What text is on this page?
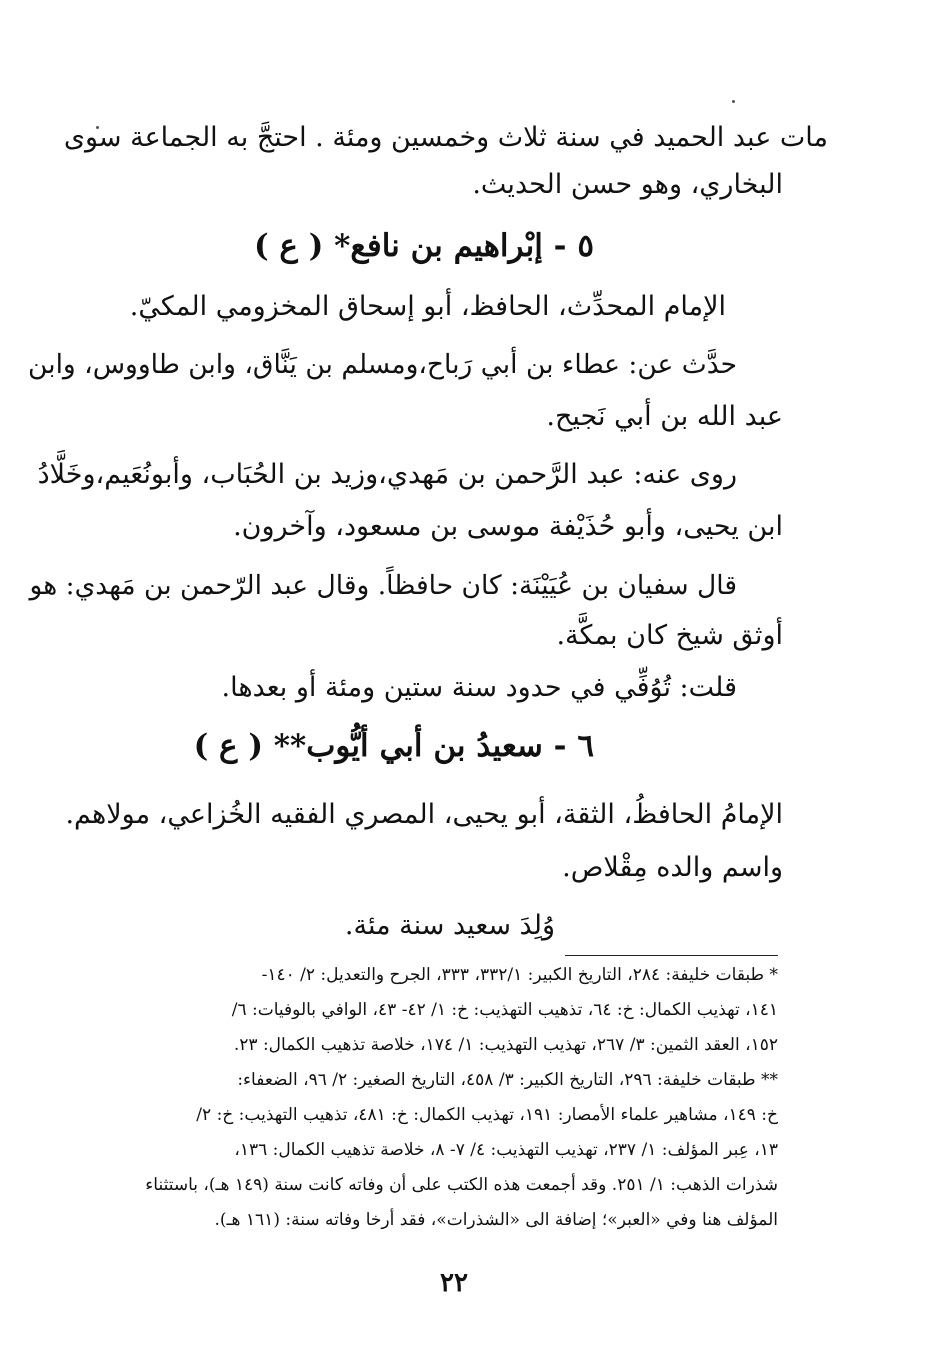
مات عبد الحميد في سنة ثلاث وخمسين ومئة . احتجَّ به الجماعة سوى
البخاري، وهو حسن الحديث.
٥ - إبْراهيم بن نافع* ( ع )
الإمام المحدِّث، الحافظ، أبو إسحاق المخزومي المكيّ.
حدَّث عن: عطاء بن أبي رَباح،ومسلم بن يَنَّاق، وابن طاووس، وابن
عبد الله بن أبي نَجيح.
روى عنه: عبد الرَّحمن بن مَهدي،وزيد بن الحُبَاب، وأبونُعَيم،وخَلَّادُ
ابن يحيى، وأبو حُذَيْفة موسى بن مسعود، وآخرون.
قال سفيان بن عُيَيْنَة: كان حافظاً. وقال عبد الرّحمن بن مَهدي: هو
أوثق شيخ كان بمكَّة.
قلت: تُوُفِّي في حدود سنة ستين ومئة أو بعدها.
٦ - سعيدُ بن أبي أيُّوب** ( ع )
الإمامُ الحافظُ، الثقة، أبو يحيى، المصري الفقيه الخُزاعي، مولاهم.
واسم والده مِقْلاص.
وُلِدَ سعيد سنة مئة.
* طبقات خليفة: ٢٨٤، التاريخ الكبير: ٣٣٢/١، ٣٣٣، الجرح والتعديل: ٢/ ١٤٠-
١٤١، تهذيب الكمال: خ: ٦٤، تذهيب التهذيب: خ: ١/ ٤٢- ٤٣، الوافي بالوفيات: ٦/
١٥٢، العقد الثمين: ٣/ ٢٦٧، تهذيب التهذيب: ١/ ١٧٤، خلاصة تذهيب الكمال: ٢٣.
** طبقات خليفة: ٢٩٦، التاريخ الكبير: ٣/ ٤٥٨، التاريخ الصغير: ٢/ ٩٦، الضعفاء:
خ: ١٤٩، مشاهير علماء الأمصار: ١٩١، تهذيب الكمال: خ: ٤٨١، تذهيب التهذيب: خ: ٢/
١٣، عِبر المؤلف: ١/ ٢٣٧، تهذيب التهذيب: ٤/ ٧- ٨، خلاصة تذهيب الكمال: ١٣٦،
شذرات الذهب: ١/ ٢٥١. وقد أجمعت هذه الكتب على أن وفاته كانت سنة (١٤٩ هـ)، باستثناء
المؤلف هنا وفي «العبر»؛ إضافة الى «الشذرات»، فقد أرخا وفاته سنة: (١٦١ هـ).
٢٢
